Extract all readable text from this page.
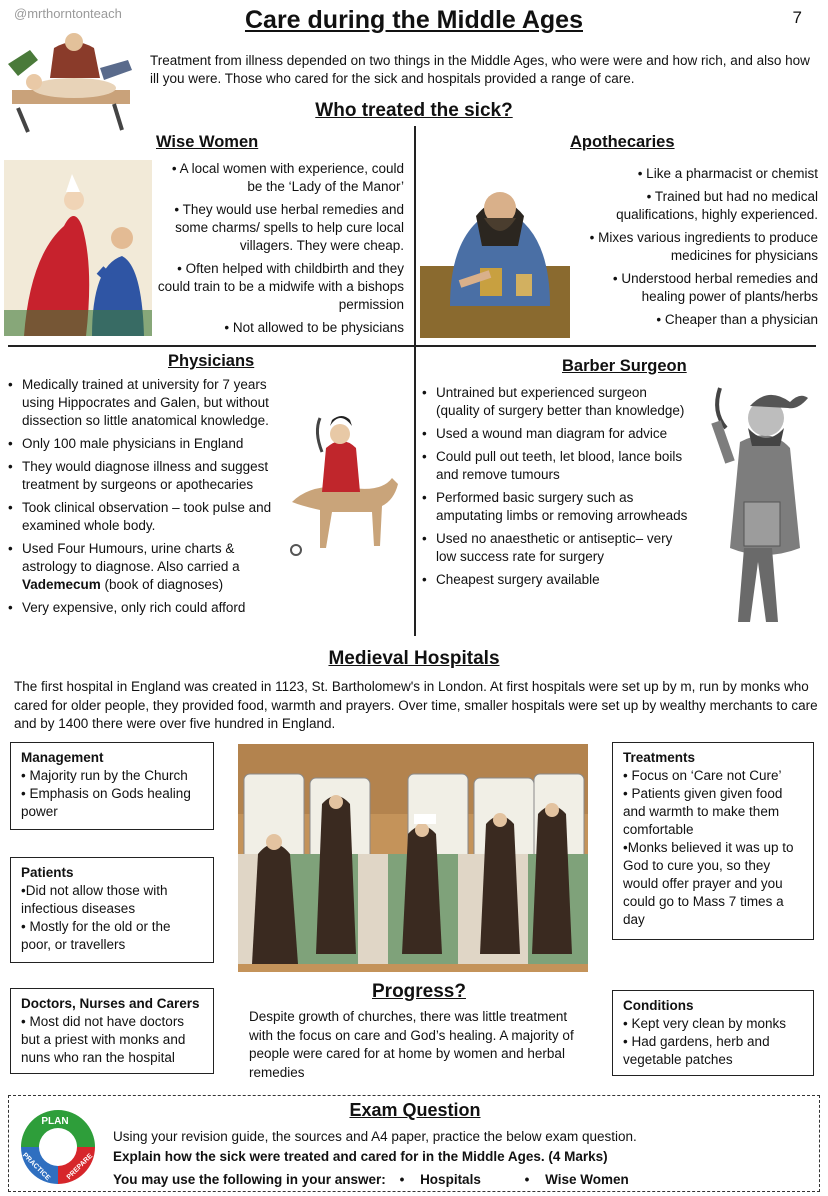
@mrthorntonteach	7
Care during the Middle Ages
Treatment from illness depended on two things in the Middle Ages, who were were and how rich, and also how ill you were. Those who cared for the sick and hospitals provided a range of care.
Who treated the sick?
Wise Women
• A local women with experience, could be the ‘Lady of the Manor’
• They would use herbal remedies and some charms/ spells to help cure local villagers. They were cheap.
• Often helped with childbirth and they could train to be a midwife with a bishops permission
• Not allowed to be physicians
Apothecaries
• Like a pharmacist or chemist
• Trained but had no medical qualifications, highly experienced.
• Mixes various ingredients to produce medicines for physicians
• Understood herbal remedies and healing power of plants/herbs
• Cheaper than a physician
Physicians
• Medically trained at university for 7 years using Hippocrates and Galen, but without dissection so little anatomical knowledge.
• Only 100 male physicians in England
• They would diagnose illness and suggest treatment by surgeons or apothecaries
• Took clinical observation – took pulse and examined whole body.
• Used Four Humours, urine charts & astrology to diagnose. Also carried a Vademecum (book of diagnoses)
• Very expensive, only rich could afford
Barber Surgeon
• Untrained but experienced surgeon (quality of surgery better than knowledge)
• Used a wound man diagram for advice
• Could pull out teeth, let blood, lance boils and remove tumours
• Performed basic surgery such as amputating limbs or removing arrowheads
• Used no anaesthetic or antiseptic– very low success rate for surgery
• Cheapest surgery available
Medieval Hospitals
The first hospital in England was created in 1123, St. Bartholomew's in London. At first hospitals were set up by m, run by monks who cared for older people, they provided food, warmth and prayers. Over time, smaller hospitals were set up by wealthy merchants to care and by 1400 there were over five hundred in England.
Management
• Majority run by the Church
• Emphasis on Gods healing power
Patients
•Did not allow those with infectious diseases
• Mostly for the old or the poor, or travellers
Doctors, Nurses and Carers
• Most did not have doctors but a priest with monks and nuns who ran the hospital
Treatments
• Focus on ‘Care not Cure’
• Patients given given food and warmth to make them comfortable
•Monks believed it was up to God to cure you, so they would offer prayer and you could go to Mass 7 times a day
Conditions
• Kept very clean by monks
• Had gardens, herb and vegetable patches
Progress?
Despite growth of churches, there was little treatment with the focus on care and God’s healing. A majority of people were cared for at home by women and herbal remedies
Exam Question
PLAN
PREPARE
PRACTICE
Using your revision guide, the sources and A4 paper, practice the below exam question.
Explain how the sick were treated and cared for in the Middle Ages. (4 Marks)
You may use the following in your answer: • Hospitals	• Wise Women
